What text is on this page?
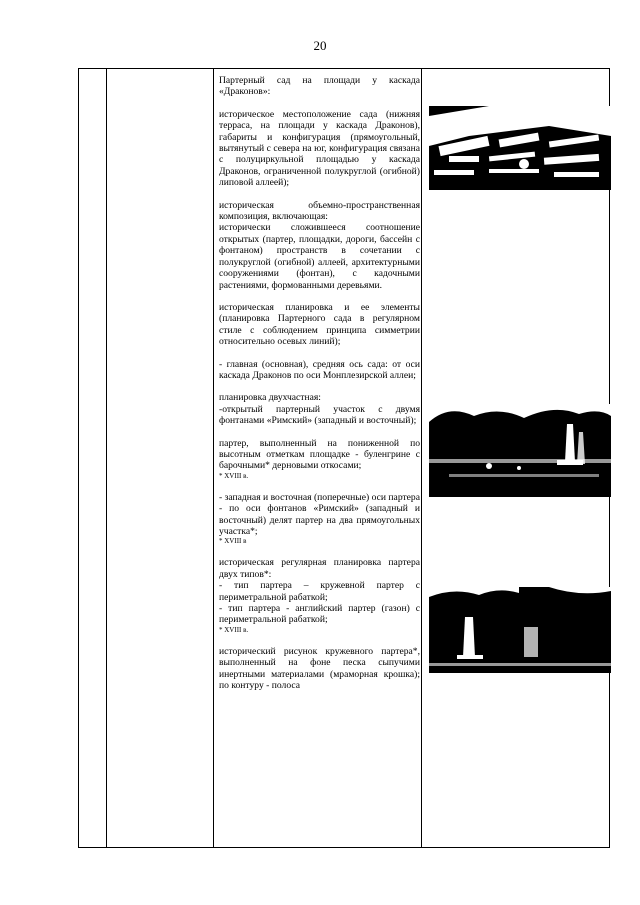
20

Партерный сад на площади у каскада «Драконов»:

историческое местоположение сада (нижняя терраса, на площади у каскада Драконов), габариты и конфигурация (прямоугольный, вытянутый с севера на юг, конфигурация связана с полуциркульной площадью у каскада Драконов, ограниченной полукруглой (огибной) липовой аллеей);

историческая объемно-пространственная композиция, включающая:
исторически сложившееся соотношение открытых (партер, площадки, дороги, бассейн с фонтаном) пространств в сочетании с полукруглой (огибной) аллеей, архитектурными сооружениями (фонтан), с кадочными растениями, формованными деревьями.

историческая планировка и ее элементы (планировка Партерного сада в регулярном стиле с соблюдением принципа симметрии относительно осевых линий);

- главная (основная), средняя ось сада: от оси каскада Драконов по оси Монплезирской аллеи;

планировка двухчастная:
-открытый партерный участок с двумя фонтанами «Римский» (западный и восточный);

партер, выполненный на пониженной по высотным отметкам площадке - буленгрине с барочными* дерновыми откосами;
* XVIII в.

- западная и восточная (поперечные) оси партера - по оси фонтанов «Римский» (западный и восточный) делят партер на два прямоугольных участка*;
* XVIII в

историческая регулярная планировка партера двух типов*:
- тип партера – кружевной партер с периметральной рабаткой;
- тип партера - английский партер (газон) с периметральной рабаткой;
* XVIII в.

исторический рисунок кружевного партера*, выполненный на фоне песка сыпучими инертными материалами (мраморная крошка); по контуру - полоса
